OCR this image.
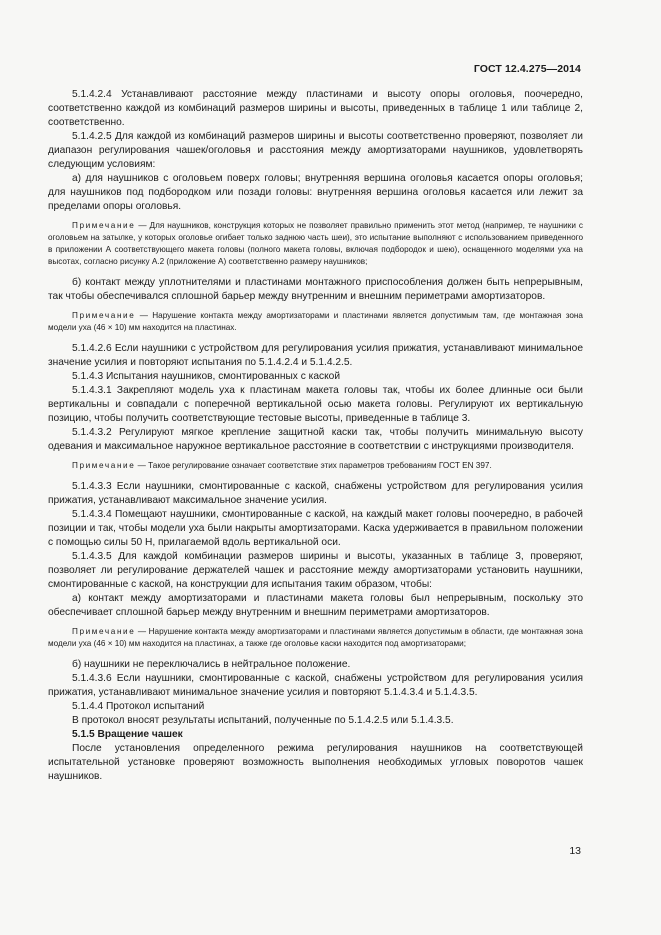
ГОСТ 12.4.275—2014

5.1.4.2.4 Устанавливают расстояние между пластинами и высоту опоры оголовья, поочередно, соответственно каждой из комбинаций размеров ширины и высоты, приведенных в таблице 1 или таблице 2, соответственно.

5.1.4.2.5 Для каждой из комбинаций размеров ширины и высоты соответственно проверяют, позволяет ли диапазон регулирования чашек/оголовья и расстояния между амортизаторами наушников, удовлетворять следующим условиям:

а) для наушников с оголовьем поверх головы; внутренняя вершина оголовья касается опоры оголовья; для наушников под подбородком или позади головы: внутренняя вершина оголовья касается или лежит за пределами опоры оголовья.

Примечание — Для наушников, конструкция которых не позволяет правильно применить этот метод (например, те наушники с оголовьем на затылке, у которых оголовье огибает только заднюю часть шеи), это испытание выполняют с использованием приведенного в приложении А соответствующего макета головы (полного макета головы, включая подбородок и шею), оснащенного моделями уха на высотах, согласно рисунку А.2 (приложение А) соответственно размеру наушников;

б) контакт между уплотнителями и пластинами монтажного приспособления должен быть непрерывным, так чтобы обеспечивался сплошной барьер между внутренним и внешним периметрами амортизаторов.

Примечание — Нарушение контакта между амортизаторами и пластинами является допустимым там, где монтажная зона модели уха (46 × 10) мм находится на пластинах.

5.1.4.2.6 Если наушники с устройством для регулирования усилия прижатия, устанавливают минимальное значение усилия и повторяют испытания по 5.1.4.2.4 и 5.1.4.2.5.

5.1.4.3 Испытания наушников, смонтированных с каской

5.1.4.3.1 Закрепляют модель уха к пластинам макета головы так, чтобы их более длинные оси были вертикальны и совпадали с поперечной вертикальной осью макета головы. Регулируют их вертикальную позицию, чтобы получить соответствующие тестовые высоты, приведенные в таблице 3.

5.1.4.3.2 Регулируют мягкое крепление защитной каски так, чтобы получить минимальную высоту одевания и максимальное наружное вертикальное расстояние в соответствии с инструкциями производителя.

Примечание — Такое регулирование означает соответствие этих параметров требованиям ГОСТ EN 397.

5.1.4.3.3 Если наушники, смонтированные с каской, снабжены устройством для регулирования усилия прижатия, устанавливают максимальное значение усилия.

5.1.4.3.4 Помещают наушники, смонтированные с каской, на каждый макет головы поочередно, в рабочей позиции и так, чтобы модели уха были накрыты амортизаторами. Каска удерживается в правильном положении с помощью силы 50 Н, прилагаемой вдоль вертикальной оси.

5.1.4.3.5 Для каждой комбинации размеров ширины и высоты, указанных в таблице 3, проверяют, позволяет ли регулирование держателей чашек и расстояние между амортизаторами установить наушники, смонтированные с каской, на конструкции для испытания таким образом, чтобы:

а) контакт между амортизаторами и пластинами макета головы был непрерывным, поскольку это обеспечивает сплошной барьер между внутренним и внешним периметрами амортизаторов.

Примечание — Нарушение контакта между амортизаторами и пластинами является допустимым в области, где монтажная зона модели уха (46 × 10) мм находится на пластинах, а также где оголовье каски находится под амортизаторами;

б) наушники не переключались в нейтральное положение.

5.1.4.3.6 Если наушники, смонтированные с каской, снабжены устройством для регулирования усилия прижатия, устанавливают минимальное значение усилия и повторяют 5.1.4.3.4 и 5.1.4.3.5.

5.1.4.4 Протокол испытаний

В протокол вносят результаты испытаний, полученные по 5.1.4.2.5 или 5.1.4.3.5.

5.1.5 Вращение чашек

После установления определенного режима регулирования наушников на соответствующей испытательной установке проверяют возможность выполнения необходимых угловых поворотов чашек наушников.

13
